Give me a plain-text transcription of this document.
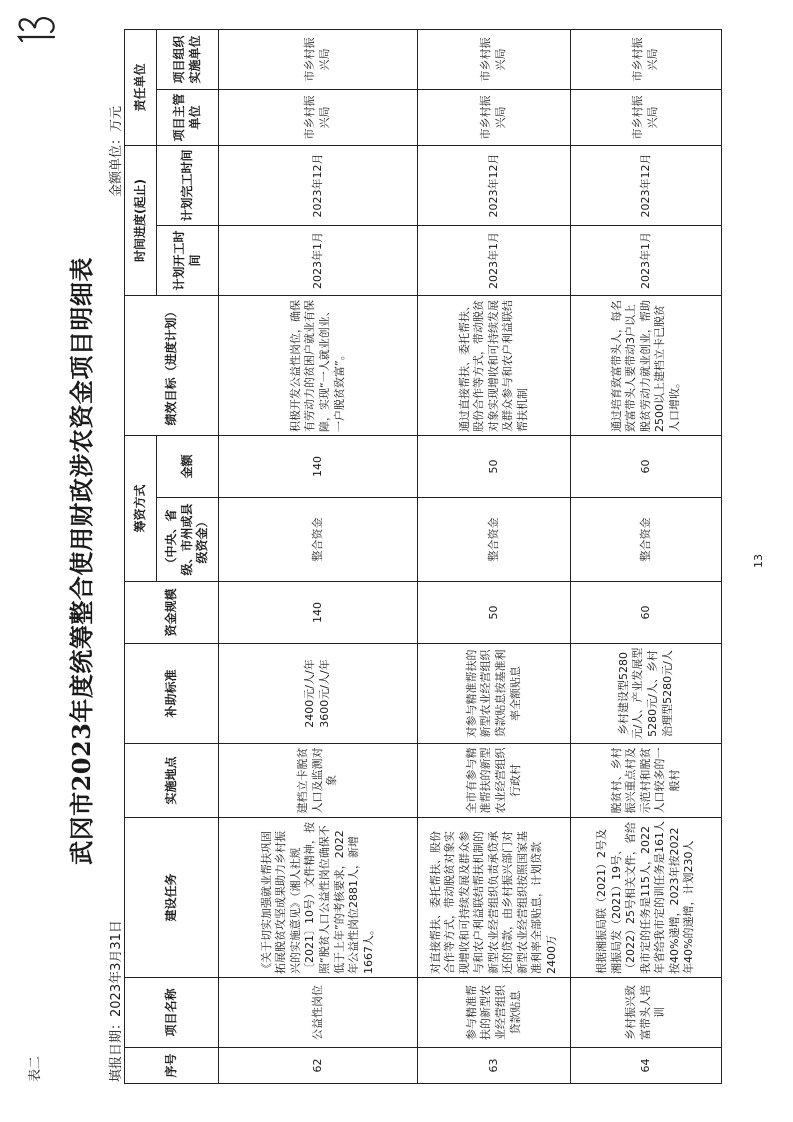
表二
武冈市2023年度统筹整合使用财政涉农资金项目明细表
填报日期：2023年3月31日
金额单位：万元
序号	项目名称	建设任务	实施地点	补助标准	资金规模	筹资方式		绩效目标（进度计划）	时间进度(起止)		责任单位	
						（中央、省级、市州或县级资金）	金额		计划开工时间	计划完工时间	项目主管单位	项目组织实施单位
62	公益性岗位	《关于切实加强就业帮扶巩固拓展脱贫攻坚成果助力乡村振兴的实施意见》（湘人社规〔2021〕10号）文件精神，按照“脱贫人口公益性岗位确保不低于上年”的考核要求，2022年公益性岗位2881人，新增1667人。	建档立卡脱贫人口及监测对象	2400元/人/年 3600元/人/年	140	整合资金	140	积极开发公益性岗位，确保有劳动力的贫困户就业有保障，实现“一人就业创业、一户脱贫致富”。	2023年1月	2023年12月	市乡村振兴局	市乡村振兴局
63	参与精准帮扶的新型农业经营组织贷款贴息	对直接帮扶、委托帮扶、股份合作等方式，带动脱贫对象实现增收和可持续发展及群众参与和农户利益联结帮扶机制的新型农业经营组织负责承贷承还的贷款，由乡村振兴部门对新型农业经营组织按照国家基准利率全部贴息，计划贷款2400万	全市有参与精准帮扶的新型农业经营组织行政村	对参与精准帮扶的新型农业经营组织贷款贴息按基准利率全额贴息	50	整合资金	50	通过直接帮扶、委托帮扶、股份合作等方式，带动脱贫对象实现增收和可持续发展及群众参与和农户利益联结帮扶机制	2023年1月	2023年12月	市乡村振兴局	市乡村振兴局
64	乡村振兴致富带头人培训	根据湘振局联（2021）2号及湘振局发（2021）19号、（2022）25号相关文件，省给我市定的任务是115人，2022年省给我市定的训任务是161人按40%递增，2023年按2022年40%的递增，计划230人	脱贫村、乡村振兴重点村及示范村和脱贫人口较多的一般村	乡村建设型5280元/人、产业发展型5280元/人、乡村治理型5280元/人	60	整合资金	60	通过培育致富带头人，每名致富带头人要带动3户以上脱贫劳动力就业创业，帮助2500以上建档立卡已脱贫人口增收。	2023年1月	2023年12月	市乡村振兴局	市乡村振兴局
13
